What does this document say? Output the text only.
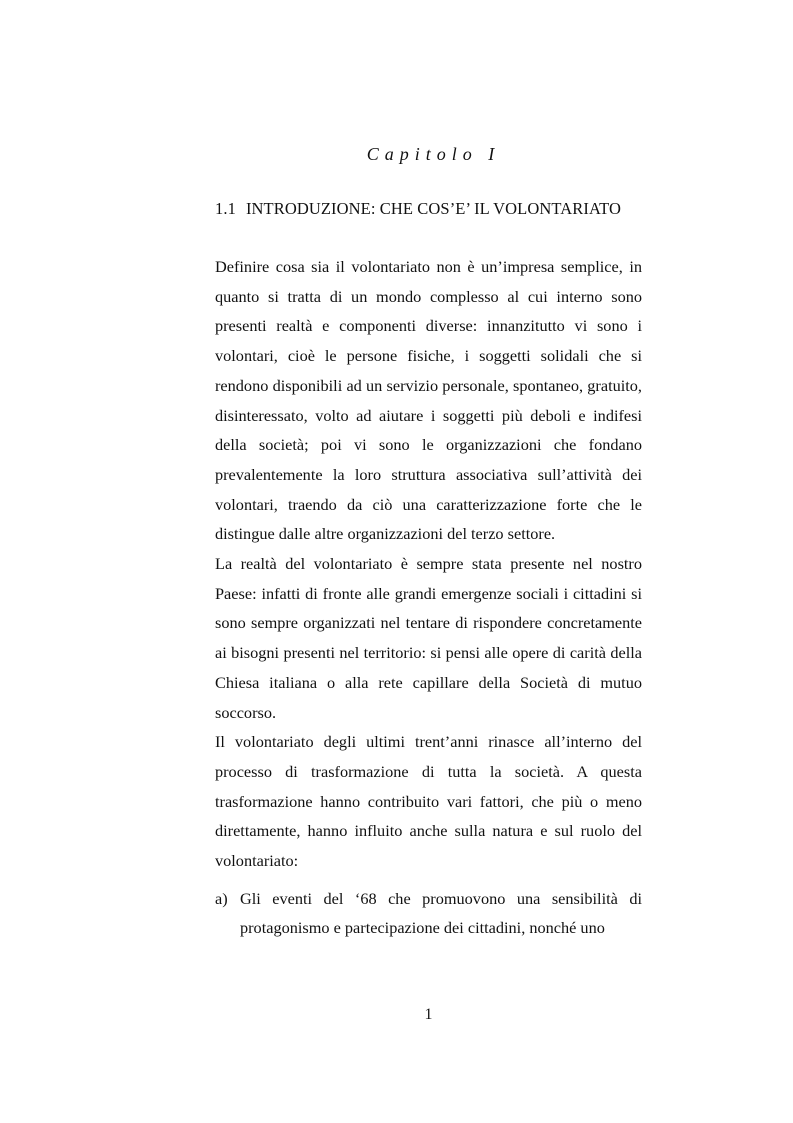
Capitolo I
1.1 INTRODUZIONE: CHE COS’E’ IL VOLONTARIATO

Definire cosa sia il volontariato non è un’impresa semplice, in quanto si tratta di un mondo complesso al cui interno sono presenti realtà e componenti diverse: innanzitutto vi sono i volontari, cioè le persone fisiche, i soggetti solidali che si rendono disponibili ad un servizio personale, spontaneo, gratuito, disinteressato, volto ad aiutare i soggetti più deboli e indifesi della società; poi vi sono le organizzazioni che fondano prevalentemente la loro struttura associativa sull’attività dei volontari, traendo da ciò una caratterizzazione forte che le distingue dalle altre organizzazioni del terzo settore.

La realtà del volontariato è sempre stata presente nel nostro Paese: infatti di fronte alle grandi emergenze sociali i cittadini si sono sempre organizzati nel tentare di rispondere concretamente ai bisogni presenti nel territorio: si pensi alle opere di carità della Chiesa italiana o alla rete capillare della Società di mutuo soccorso.

Il volontariato degli ultimi trent’anni rinasce all’interno del processo di trasformazione di tutta la società. A questa trasformazione hanno contribuito vari fattori, che più o meno direttamente, hanno influito anche sulla natura e sul ruolo del volontariato:

a) Gli eventi del ‘68 che promuovono una sensibilità di protagonismo e partecipazione dei cittadini, nonché uno
1
